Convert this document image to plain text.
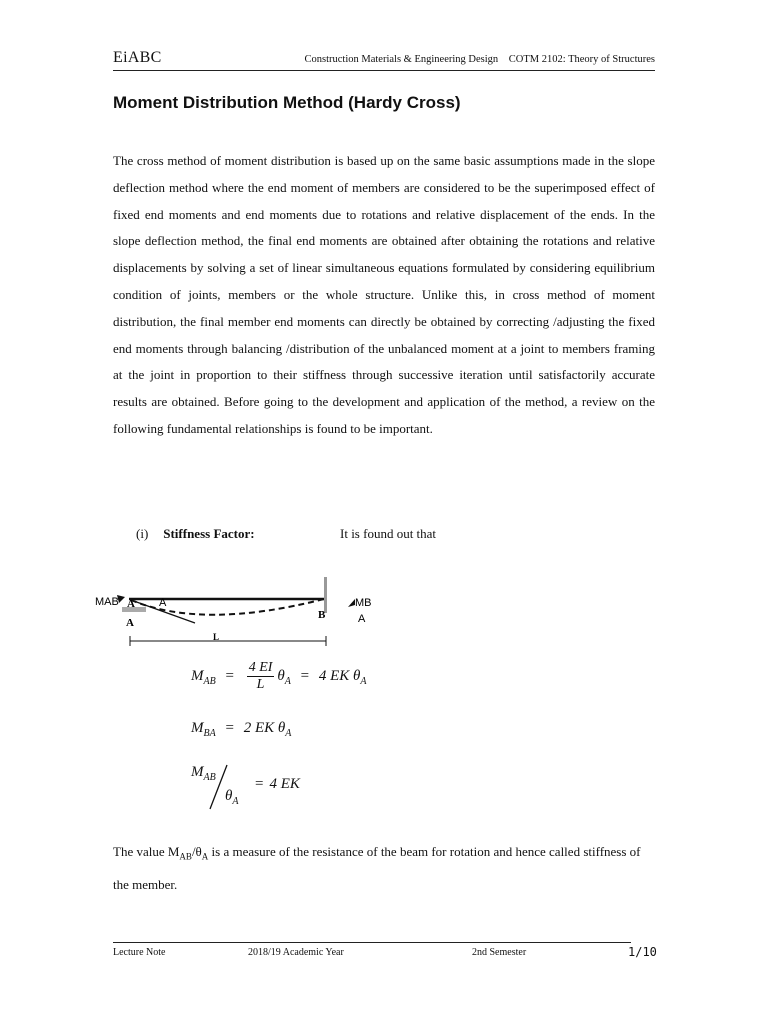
EiABC	Construction Materials & Engineering Design COTM 2102: Theory of Structures
Moment Distribution Method (Hardy Cross)
The cross method of moment distribution is based up on the same basic assumptions made in the slope deflection method where the end moment of members are considered to be the superimposed effect of fixed end moments and end moments due to rotations and relative displacement of the ends. In the slope deflection method, the final end moments are obtained after obtaining the rotations and relative displacements by solving a set of linear simultaneous equations formulated by considering equilibrium condition of joints, members or the whole structure. Unlike this, in cross method of moment distribution, the final member end moments can directly be obtained by correcting /adjusting the fixed end moments through balancing /distribution of the unbalanced moment at a joint to members framing at the joint in proportion to their stiffness through successive iteration until satisfactorily accurate results are obtained. Before going to the development and application of the method, a review on the following fundamental relationships is found to be important.
(i) Stiffness Factor:	It is found out that
MAB A A
A
B
MB
A
L
$M_{AB} = \frac{4 EI}{L} \theta_A = 4$ EK $\theta_A$
$M_{BA} = 2$ EK $\theta_A$
$M_{AB}$
$\theta_A$
= 4 EK
The value $M_{AB}/\theta_A$ is a measure of the resistance of the beam for rotation and hence called stiffness of the member.
Lecture Note	2018/19 Academic Year	2nd Semester	1/10
